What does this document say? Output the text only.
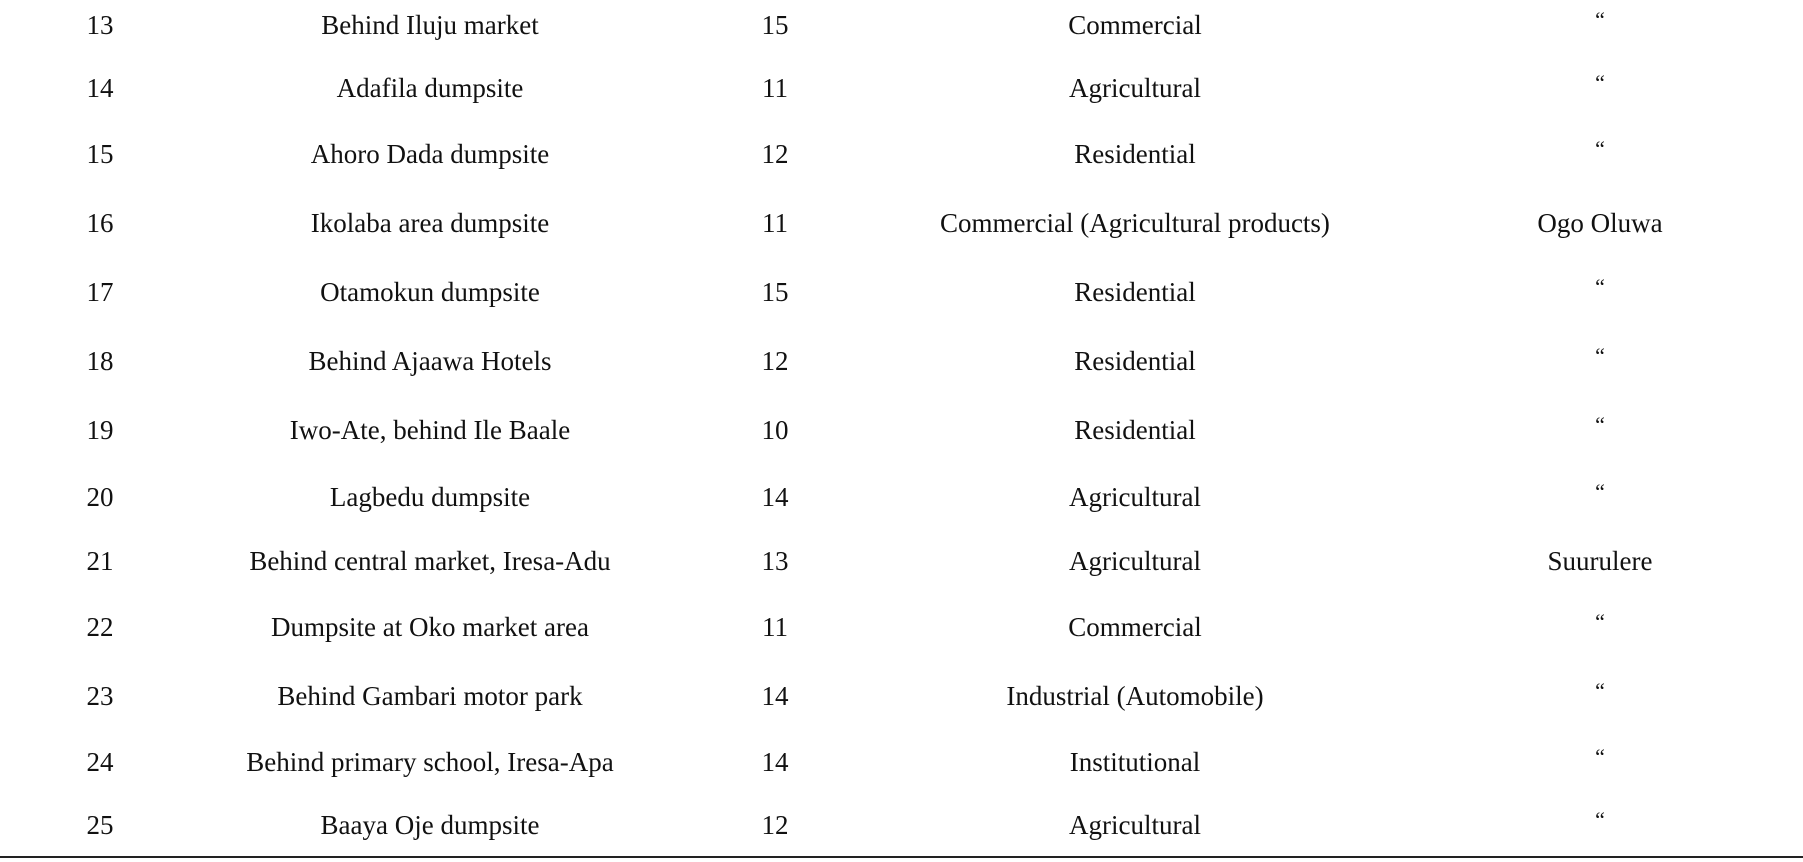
13	Behind Iluju market	15	Commercial	“
14	Adafila dumpsite	11	Agricultural	“
15	Ahoro Dada dumpsite	12	Residential	“
16	Ikolaba area dumpsite	11	Commercial (Agricultural products)	Ogo Oluwa
17	Otamokun dumpsite	15	Residential	“
18	Behind Ajaawa Hotels	12	Residential	“
19	Iwo-Ate, behind Ile Baale	10	Residential	“
20	Lagbedu dumpsite	14	Agricultural	“
21	Behind central market, Iresa-Adu	13	Agricultural	Suurulere
22	Dumpsite at Oko market area	11	Commercial	“
23	Behind Gambari motor park	14	Industrial (Automobile)	“
24	Behind primary school, Iresa-Apa	14	Institutional	“
25	Baaya Oje dumpsite	12	Agricultural	“
